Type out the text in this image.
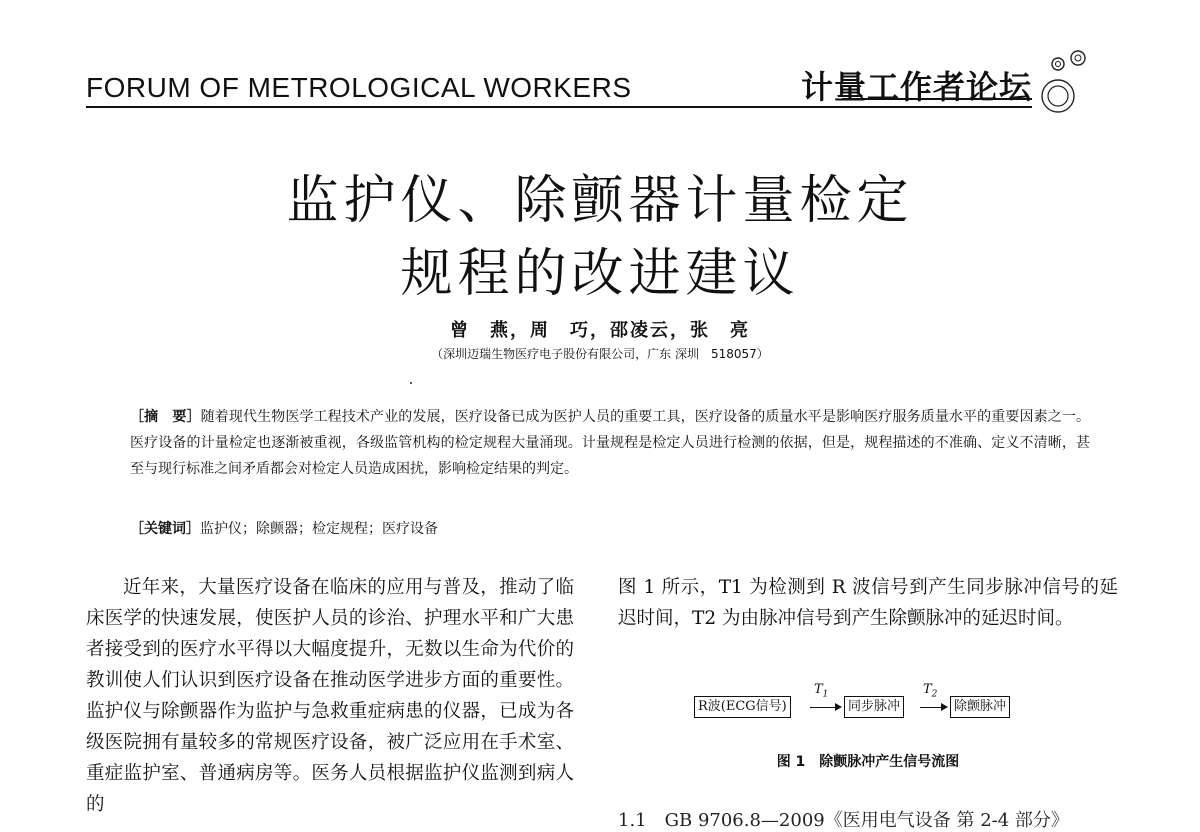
FORUM OF METROLOGICAL WORKERS	计量工作者论坛
监护仪、除颤器计量检定
规程的改进建议
曾　燕，周　巧，邵凌云，张　亮
（深圳迈瑞生物医疗电子股份有限公司，广东 深圳　518057）
［摘　要］随着现代生物医学工程技术产业的发展，医疗设备已成为医护人员的重要工具，医疗设备的质量水平是影响医疗服务质量水平的重要因素之一。医疗设备的计量检定也逐渐被重视，各级监管机构的检定规程大量涌现。计量规程是检定人员进行检测的依据，但是，规程描述的不准确、定义不清晰，甚至与现行标准之间矛盾都会对检定人员造成困扰，影响检定结果的判定。
［关键词］监护仪；除颤器；检定规程；医疗设备
近年来，大量医疗设备在临床的应用与普及，推动了临床医学的快速发展，使医护人员的诊治、护理水平和广大患者接受到的医疗水平得以大幅度提升，无数以生命为代价的教训使人们认识到医疗设备在推动医学进步方面的重要性。监护仪与除颤器作为监护与急救重症病患的仪器，已成为各级医院拥有量较多的常规医疗设备，被广泛应用在手术室、重症监护室、普通病房等。医务人员根据监护仪监测到病人的
图 1 所示，T1 为检测到 R 波信号到产生同步脉冲信号的延迟时间，T2 为由脉冲信号到产生除颤脉冲的延迟时间。
R波(ECG信号)
$T_1$
同步脉冲
$T_2$
除颤脉冲
图 1　除颤脉冲产生信号流图
1.1　GB 9706.8—2009《医用电气设备 第 2-4 部分》
